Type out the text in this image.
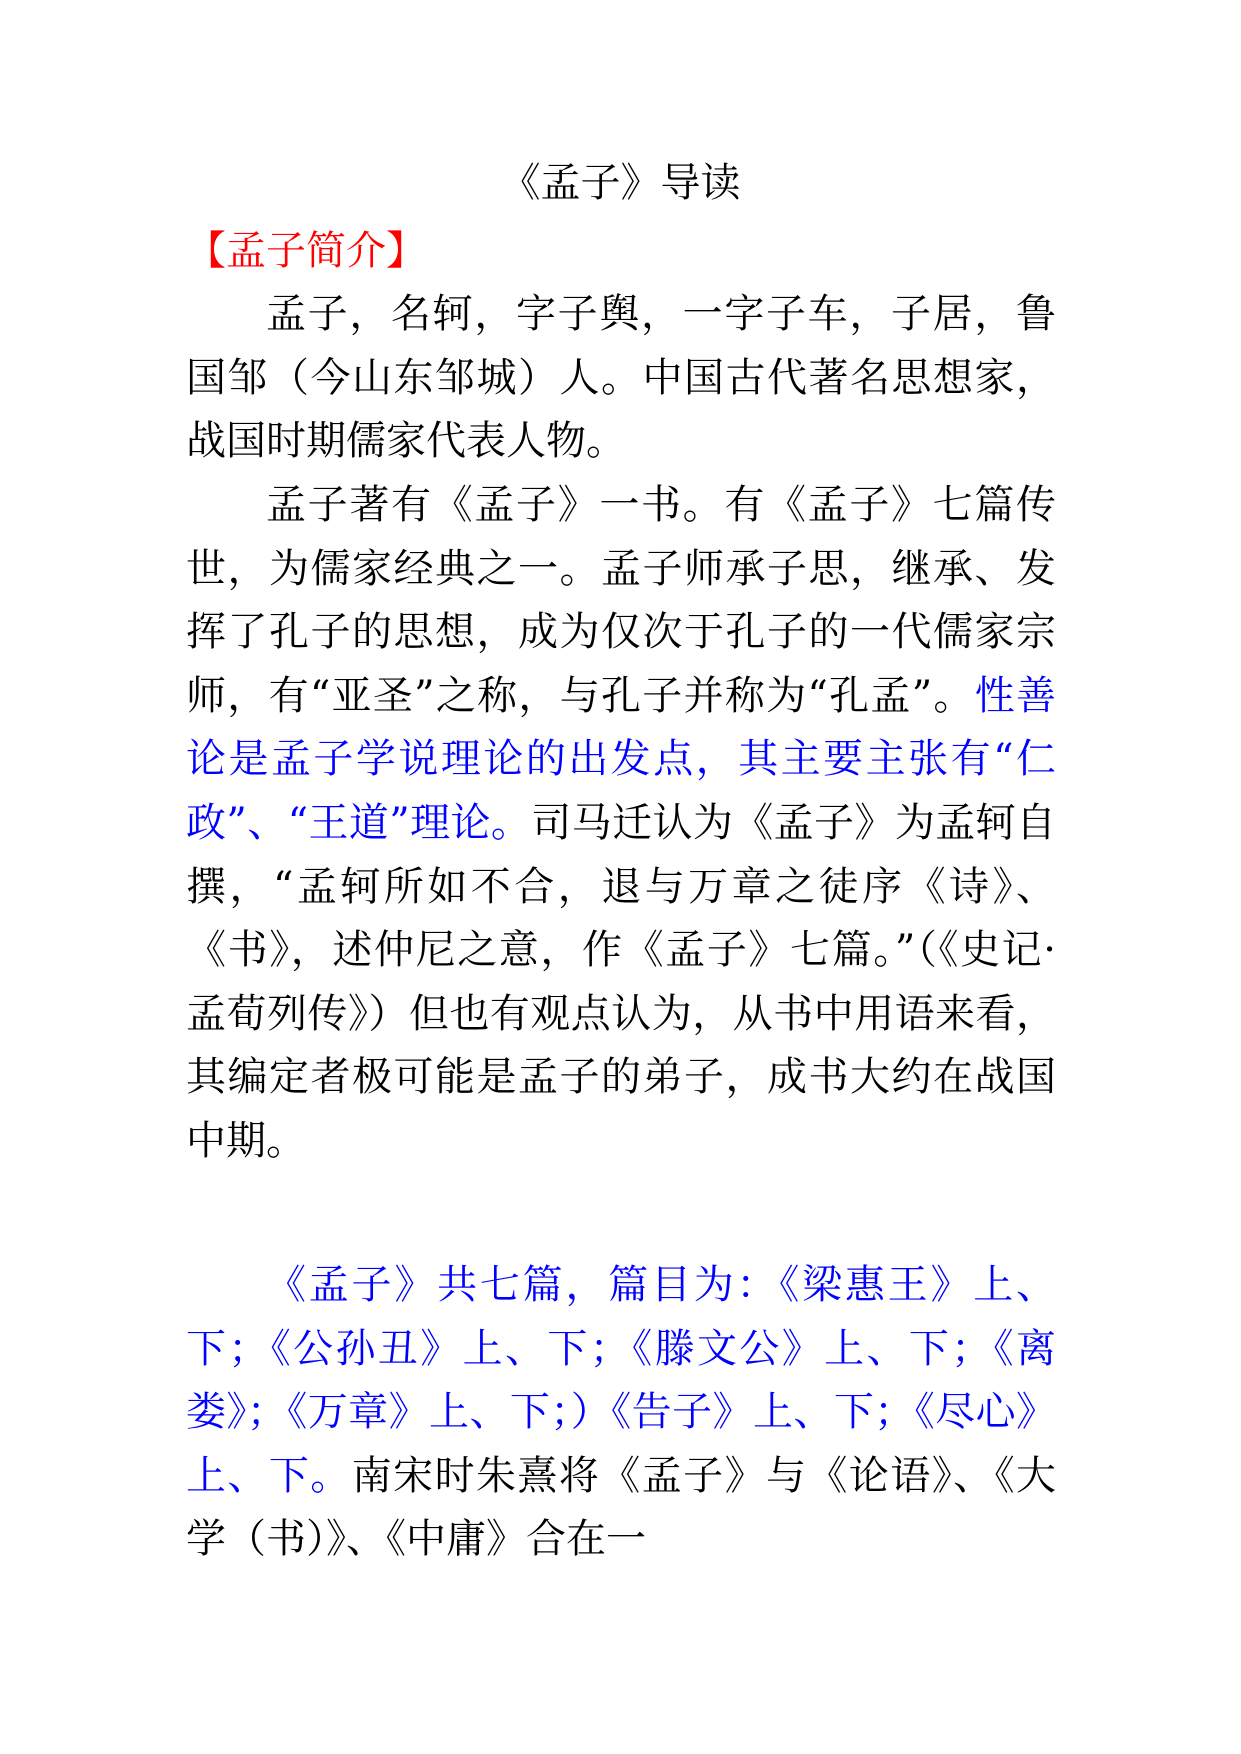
《孟子》导读
【孟子简介】
孟子，名轲，字子舆，一字子车，子居，鲁国邹（今山东邹城）人。中国古代著名思想家，战国时期儒家代表人物。
孟子著有《孟子》一书。有《孟子》七篇传世，为儒家经典之一。孟子师承子思，继承、发挥了孔子的思想，成为仅次于孔子的一代儒家宗师，有“亚圣”之称，与孔子并称为“孔孟”。性善论是孟子学说理论的出发点，其主要主张有“仁政”、“王道”理论。司马迁认为《孟子》为孟轲自撰，“孟轲所如不合，退与万章之徒序《诗》、《书》，述仲尼之意，作《孟子》七篇。”（《史记·孟荀列传》）但也有观点认为，从书中用语来看，其编定者极可能是孟子的弟子，成书大约在战国中期。
《孟子》共七篇，篇目为：《梁惠王》上、下；《公孙丑》上、下；《滕文公》上、下；《离娄》；《万章》上、下；）《告子》上、下；《尽心》上、下。南宋时朱熹将《孟子》与《论语》、《大学（书）》、《中庸》合在一
